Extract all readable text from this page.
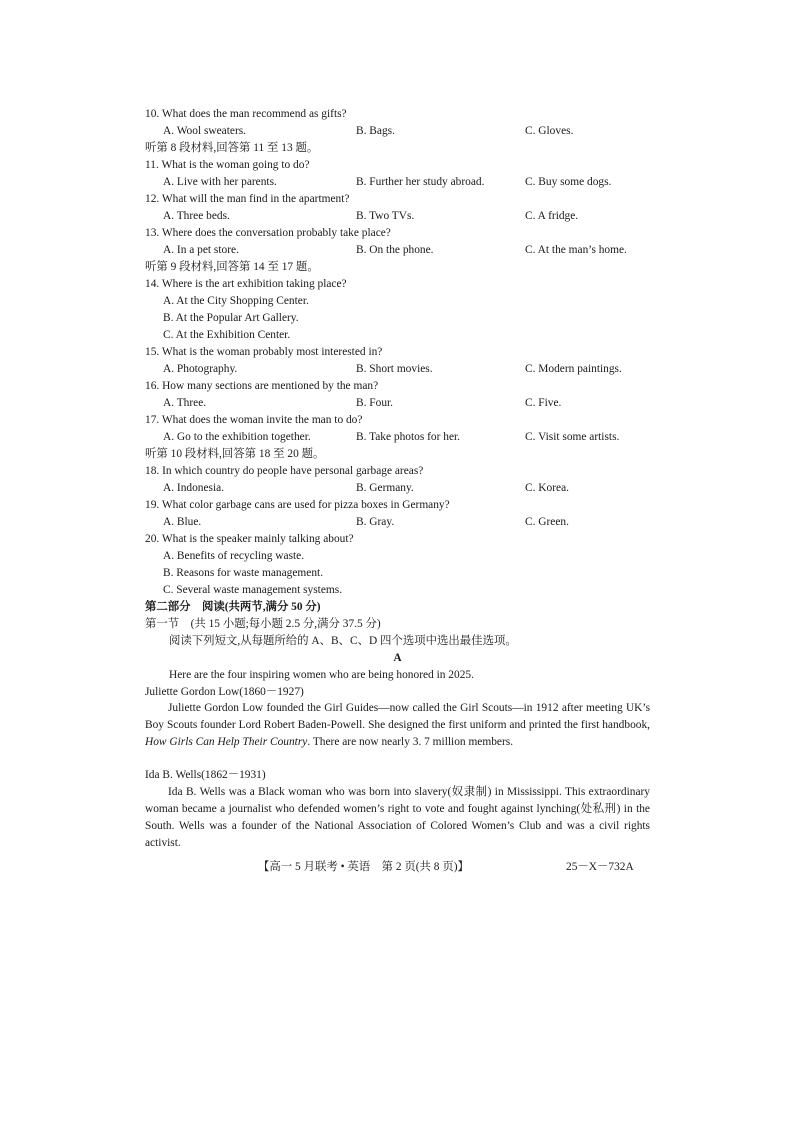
10. What does the man recommend as gifts?
A. Wool sweaters.	B. Bags.	C. Gloves.
听第 8 段材料,回答第 11 至 13 题。
11. What is the woman going to do?
A. Live with her parents.	B. Further her study abroad.	C. Buy some dogs.
12. What will the man find in the apartment?
A. Three beds.	B. Two TVs.	C. A fridge.
13. Where does the conversation probably take place?
A. In a pet store.	B. On the phone.	C. At the man’s home.
听第 9 段材料,回答第 14 至 17 题。
14. Where is the art exhibition taking place?
A. At the City Shopping Center.
B. At the Popular Art Gallery.
C. At the Exhibition Center.
15. What is the woman probably most interested in?
A. Photography.	B. Short movies.	C. Modern paintings.
16. How many sections are mentioned by the man?
A. Three.	B. Four.	C. Five.
17. What does the woman invite the man to do?
A. Go to the exhibition together.	B. Take photos for her.	C. Visit some artists.
听第 10 段材料,回答第 18 至 20 题。
18. In which country do people have personal garbage areas?
A. Indonesia.	B. Germany.	C. Korea.
19. What color garbage cans are used for pizza boxes in Germany?
A. Blue.	B. Gray.	C. Green.
20. What is the speaker mainly talking about?
A. Benefits of recycling waste.
B. Reasons for waste management.
C. Several waste management systems.
第二部分　阅读(共两节,满分 50 分)
第一节　(共 15 小题;每小题 2.5 分,满分 37.5 分)
阅读下列短文,从每题所给的 A、B、C、D 四个选项中选出最佳选项。
A
Here are the four inspiring women who are being honored in 2025.
Juliette Gordon Low(1860－1927)

Juliette Gordon Low founded the Girl Guides—now called the Girl Scouts—in 1912 after meeting UK’s Boy Scouts founder Lord Robert Baden-Powell. She designed the first uniform and printed the first handbook, How Girls Can Help Their Country. There are now nearly 3. 7 million members.

Ida B. Wells(1862－1931)

Ida B. Wells was a Black woman who was born into slavery(奴隶制) in Mississippi. This extraordinary woman became a journalist who defended women’s right to vote and fought against lynching(处私刑) in the South. Wells was a founder of the National Association of Colored Women’s Club and was a civil rights activist.

【高一 5 月联考 • 英语　第 2 页(共 8 页)】	25－X－732A
